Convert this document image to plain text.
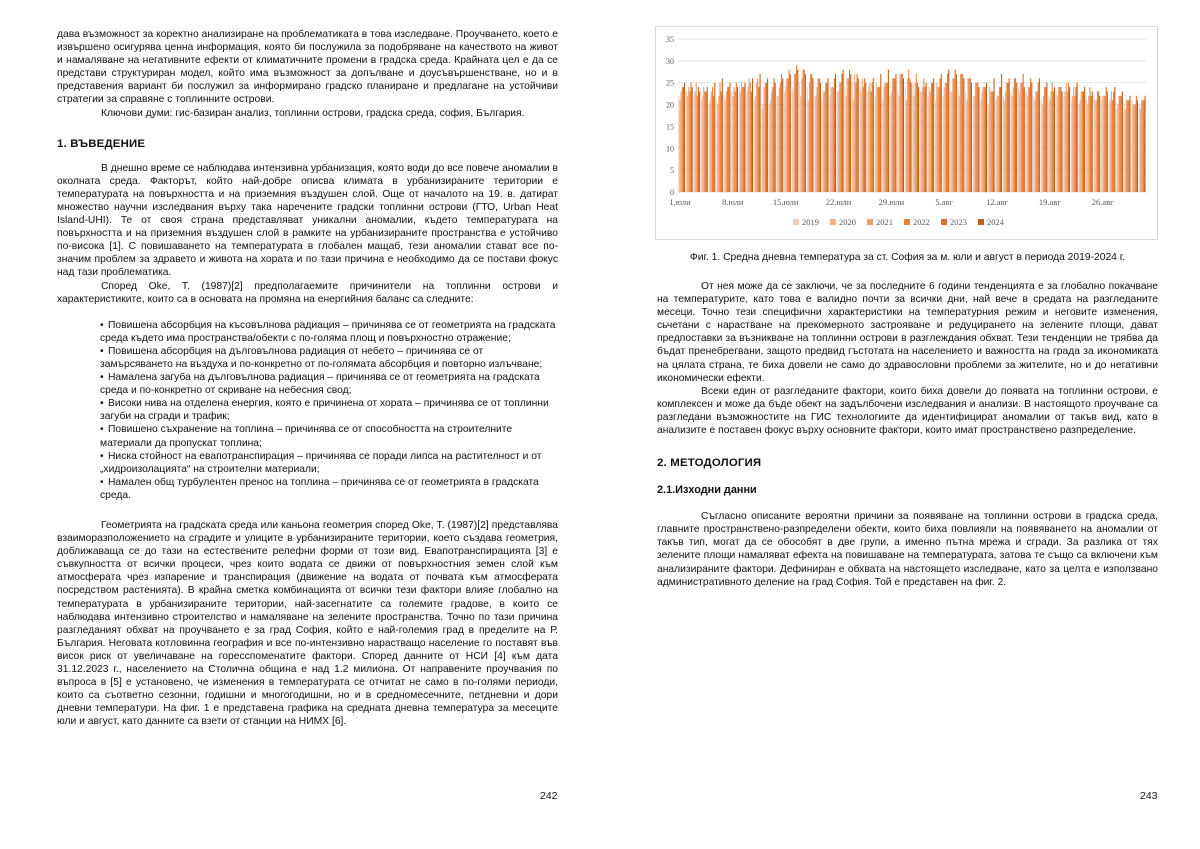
дава възможност за коректно анализиране на проблематиката в това изследване. Проучването, което е извършено осигурява ценна информация, която би послужила за подобряване на качеството на живот и намаляване на негативните ефекти от климатичните промени в градска среда. Крайната цел е да се представи структуриран модел, който има възможност за допълване и доусъвършенстване, но и в представения вариант би послужил за информирано градско планиране и предлагане на устойчиви стратегии за справяне с топлинните острови.

Ключови думи: гис-базиран анализ, топлинни острови, градска среда, софия, България.

1. ВЪВЕДЕНИЕ

В днешно време се наблюдава интензивна урбанизация, която води до все повече аномалии в околната среда. Факторът, който най-добре описва климата в урбанизираните територии е температурата на повърхността и на приземния въздушен слой. Още от началото на 19. в. датират множество научни изследвания върху така наречените градски топлинни острови (ГТО, Urban Heat Island-UHI). Те от своя страна представляват уникални аномалии, където температурата на повърхността и на приземния въздушен слой в рамките на урбанизираните пространства е устойчиво по-висока [1]. С повишаването на температурата в глобален мащаб, тези аномалии стават все по-значим проблем за здравето и живота на хората и по тази причина е необходимо да се постави фокус над тази проблематика.

Според Oke, T. (1987)[2] предполагаемите причинители на топлинни острови и характеристиките, които са в основата на промяна на енергийния баланс са следните:

• Повишена абсорбция на късовълнова радиация – причинявa се от геометрията на градската среда където има пространства/обекти с по-голяма площ и повърхностно отражение;
• Повишена абсорбция на дълговълнова радиация от небето – причинява се от замърсяването на въздуха и по-конкретно от по-голямата абсорбция и повторно излъчване;
• Намалена загуба на дълговълнова радиация – причинява се от геометрията на градската среда и по-конкретно от скриване на небесния свод;
• Високи нива на отделена енергия, която е причинена от хората – причинява се от топлинни загуби на сгради и трафик;
• Повишено съхранение на топлина – причинява се от способността на строителните материали да пропускат топлина;
• Ниска стойност на евапотранспирация – причинява се поради липса на растителност и от „хидроизолацията“ на строителни материали;
• Намален общ турбулентен пренос на топлина – причинява се от геометрията в градската среда.

Геометрията на градската среда или каньона геометрия според Oke, T. (1987)[2] представлява взаиморазположението на сградите и улиците в урбанизираните територии, което създава геометрия, доближаваща се до тази на естествените релефни форми от този вид. Евапотранспирацията [3] е съвкупността от всички процеси, чрез които водата се движи от повърхностния земен слой към атмосферата чрез изпарение и транспирация (движение на водата от почвата към атмосферата посредством растенията). В крайна сметка комбинацията от всички тези фактори влияе глобално на температурата в урбанизираните територии, най-засегнатите са големите градове, в които се наблюдава интензивно строителство и намаляване на зелените пространства. Точно по тази причина разгледаният обхват на проучването е за град София, който е най-големия град в пределите на Р. България. Неговата котловинна география и все по-интензивно нарастващо население го поставят във висок риск от увеличаване на горесспоменатите фактори. Според данните от НСИ [4] към дата 31.12.2023 г., населението на Столична община е над 1.2 милиона. От направените проучвания по въпроса в [5] е установено, че изменения в температурата се отчитат не само в по-голями периоди, които са съответно сезонни, годишни и многогодишни, но и в средномесечните, петдневни и дори дневни температури. На фиг. 1 е представена графика на средната дневна температура за месеците юли и август, като данните са взети от станции на НИМХ [6].

242
0
5
10
15
20
25
30
35
1.юли	8.юли	15.юли	22.юли	29.юли	5.авг	12.авг	19.авг	26.авг
2019 2020 2021 2022 2023 2024
Фиг. 1. Средна дневна температура за ст. София за м. юли и август в периода 2019-2024 г.

От нея може да се заключи, че за последните 6 години тенденцията е за глобално покачване на температурите, като това е валидно почти за всички дни, най вече в средата на разгледаните месеци. Точно тези специфични характеристики на температурния режим и неговите изменения, сьчетани с нарастване на прекомерното застрояване и редуцирането на зелените площи, дават предпоставки за възникване на топлинни острови в разглеждания обхват. Тези тенденции не трябва да бъдат пренебрегвани, защото предвид гъстотата на населението и важността на града за икономиката на цялата страна, те биха довели не само до здравословни проблеми за жителите, но и до негативни икономически ефекти.

Всеки един от разгледаните фактори, които биха довели до появата на топлинни острови, е комплексен и може да бъде обект на задълбочени изследвания и анализи. В настоящото проучване са разгледани възможностите на ГИС технологиите да идентифицират аномалии от такъв вид, като в анализите е поставен фокус върху основните фактори, които имат пространствено разпределение.

2. МЕТОДОЛОГИЯ
2.1.Изходни данни

Съгласно описаните вероятни причини за появяване на топлинни острови в градска среда, главните пространствено-разпределени обекти, които биха повлияли на появяването на аномалии от такъв тип, могат да се обособят в две групи, а именно пътна мрежа и сгради. За разлика от тях зелените площи намаляват ефекта на повишаване на температурата, затова те също са включени към анализираните фактори. Дефиниран е обхвата на настоящето изследване, като за целта е използвано административното деление на град София. Той е представен на фиг. 2.

243
